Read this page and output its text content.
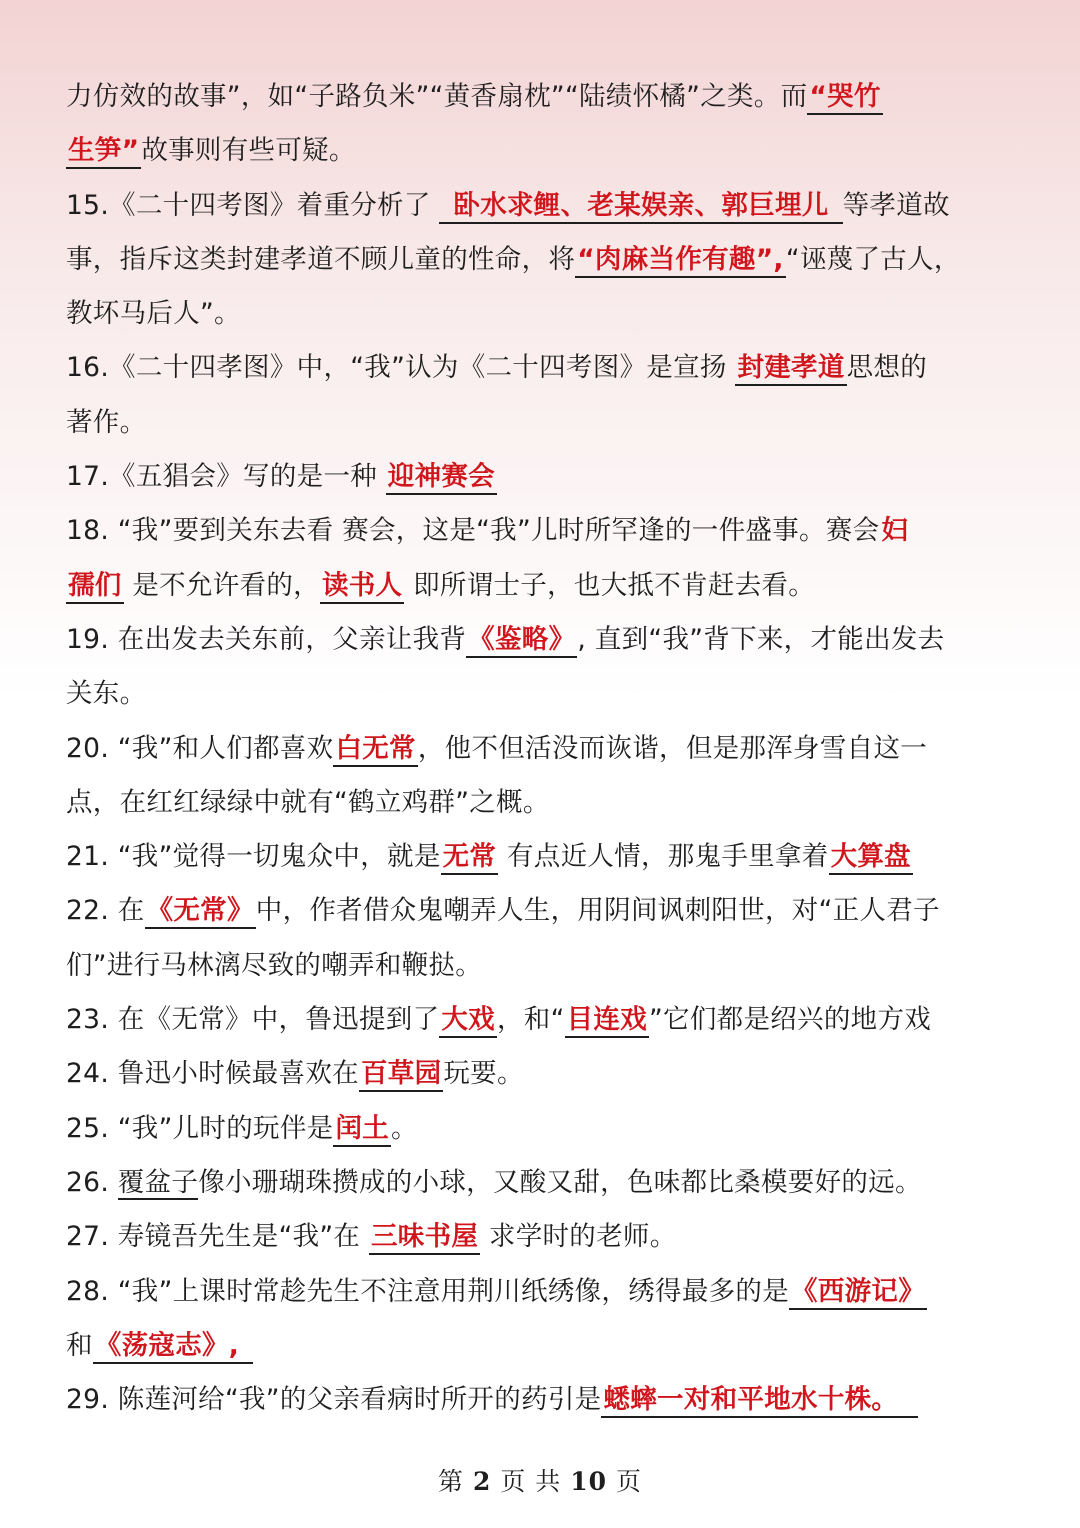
力仿效的故事”，如“子路负米”“黄香扇枕”“陆绩怀橘”之类。而“哭竹
生笋”故事则有些可疑。
15.《二十四考图》着重分析了 卧水求鲤、老某娱亲、郭巨埋儿 等孝道故
事，指斥这类封建孝道不顾儿童的性命，将“肉麻当作有趣”,“诬蔑了古人，
教坏马后人”。
16.《二十四孝图》中，“我”认为《二十四考图》是宣扬 封建孝道思想的
著作。
17.《五猖会》写的是一种 迎神赛会
18. “我”要到关东去看 赛会，这是“我”儿时所罕逢的一件盛事。赛会妇
孺们 是不允许看的，读书人 即所谓士子，也大抵不肯赶去看。
19. 在出发去关东前，父亲让我背《鉴略》, 直到“我”背下来，才能出发去
关东。
20. “我”和人们都喜欢白无常，他不但活没而诙谐，但是那浑身雪自这一
点，在红红绿绿中就有“鹤立鸡群”之概。
21. “我”觉得一切鬼众中，就是无常 有点近人情，那鬼手里拿着大算盘
22. 在《无常》中，作者借众鬼嘲弄人生，用阴间讽刺阳世，对“正人君子
们”进行马林漓尽致的嘲弄和鞭挞。
23. 在《无常》中，鲁迅提到了大戏，和“目连戏”它们都是绍兴的地方戏
24. 鲁迅小时候最喜欢在百草园玩要。
25. “我”儿时的玩伴是闰土。
26. 覆盆子像小珊瑚珠攒成的小球，又酸又甜，色味都比桑模要好的远。
27. 寿镜吾先生是“我”在 三味书屋 求学时的老师。
28. “我”上课时常趁先生不注意用荆川纸绣像，绣得最多的是《西游记》
和《荡寇志》,
29. 陈莲河给“我”的父亲看病时所开的药引是蟋蟀一对和平地水十株。
第 2 页 共 10 页
